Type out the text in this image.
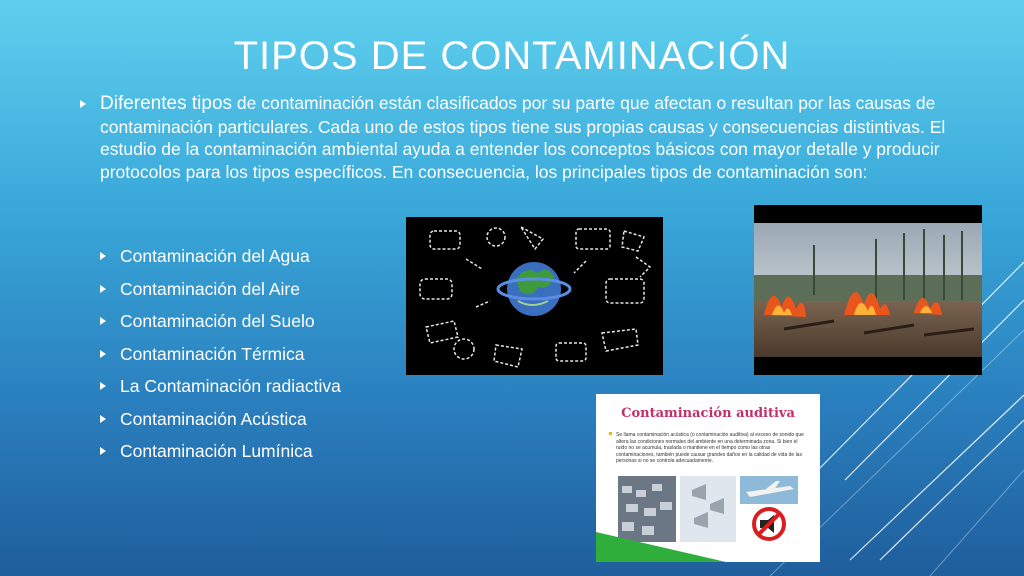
TIPOS DE CONTAMINACIÓN

Diferentes tipos de contaminación están clasificados por su parte que afectan o resultan por las causas de contaminación particulares. Cada uno de estos tipos tiene sus propias causas y consecuencias distintivas. El estudio de la contaminación ambiental ayuda a entender los conceptos básicos con mayor detalle y producir protocolos para los tipos específicos. En consecuencia, los principales tipos de contaminación son:

Contaminación del Agua
Contaminación del Aire
Contaminación del Suelo
Contaminación Térmica
La Contaminación radiactiva
Contaminación Acústica
Contaminación Lumínica
Contaminación auditiva
Se llama contaminación acústica (o contaminación auditiva) al exceso de sonido que altera las condiciones normales del ambiente en una determinada zona. Si bien el ruido no se acumula, traslada o mantiene en el tiempo como las otras contaminaciones, también puede causar grandes daños en la calidad de vida de las personas si no se controla adecuadamente.
